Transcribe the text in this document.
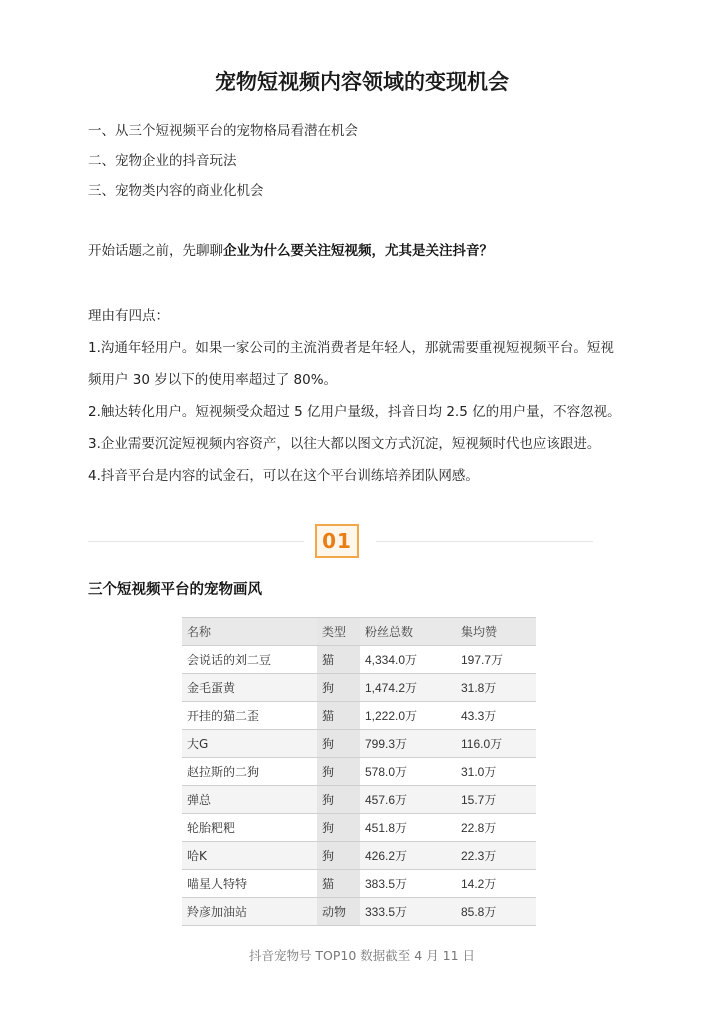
宠物短视频内容领域的变现机会
一、从三个短视频平台的宠物格局看潜在机会
二、宠物企业的抖音玩法
三、宠物类内容的商业化机会

开始话题之前，先聊聊企业为什么要关注短视频，尤其是关注抖音？

理由有四点：

1.沟通年轻用户。如果一家公司的主流消费者是年轻人，那就需要重视短视频平台。短视

频用户 30 岁以下的使用率超过了 80%。

2.触达转化用户。短视频受众超过 5 亿用户量级，抖音日均 2.5 亿的用户量，不容忽视。

3.企业需要沉淀短视频内容资产，以往大都以图文方式沉淀，短视频时代也应该跟进。

4.抖音平台是内容的试金石，可以在这个平台训练培养团队网感。

01
三个短视频平台的宠物画风
名称	类型	粉丝总数	集均赞
会说话的刘二豆	猫	4,334.0万	197.7万
金毛蛋黄	狗	1,474.2万	31.8万
开挂的猫二歪	猫	1,222.0万	43.3万
大G	狗	799.3万	116.0万
赵拉斯的二狗	狗	578.0万	31.0万
弹总	狗	457.6万	15.7万
轮胎粑粑	狗	451.8万	22.8万
哈K	狗	426.2万	22.3万
喵星人特特	猫	383.5万	14.2万
羚彦加油站	动物	333.5万	85.8万

抖音宠物号 TOP10 数据截至 4 月 11 日
